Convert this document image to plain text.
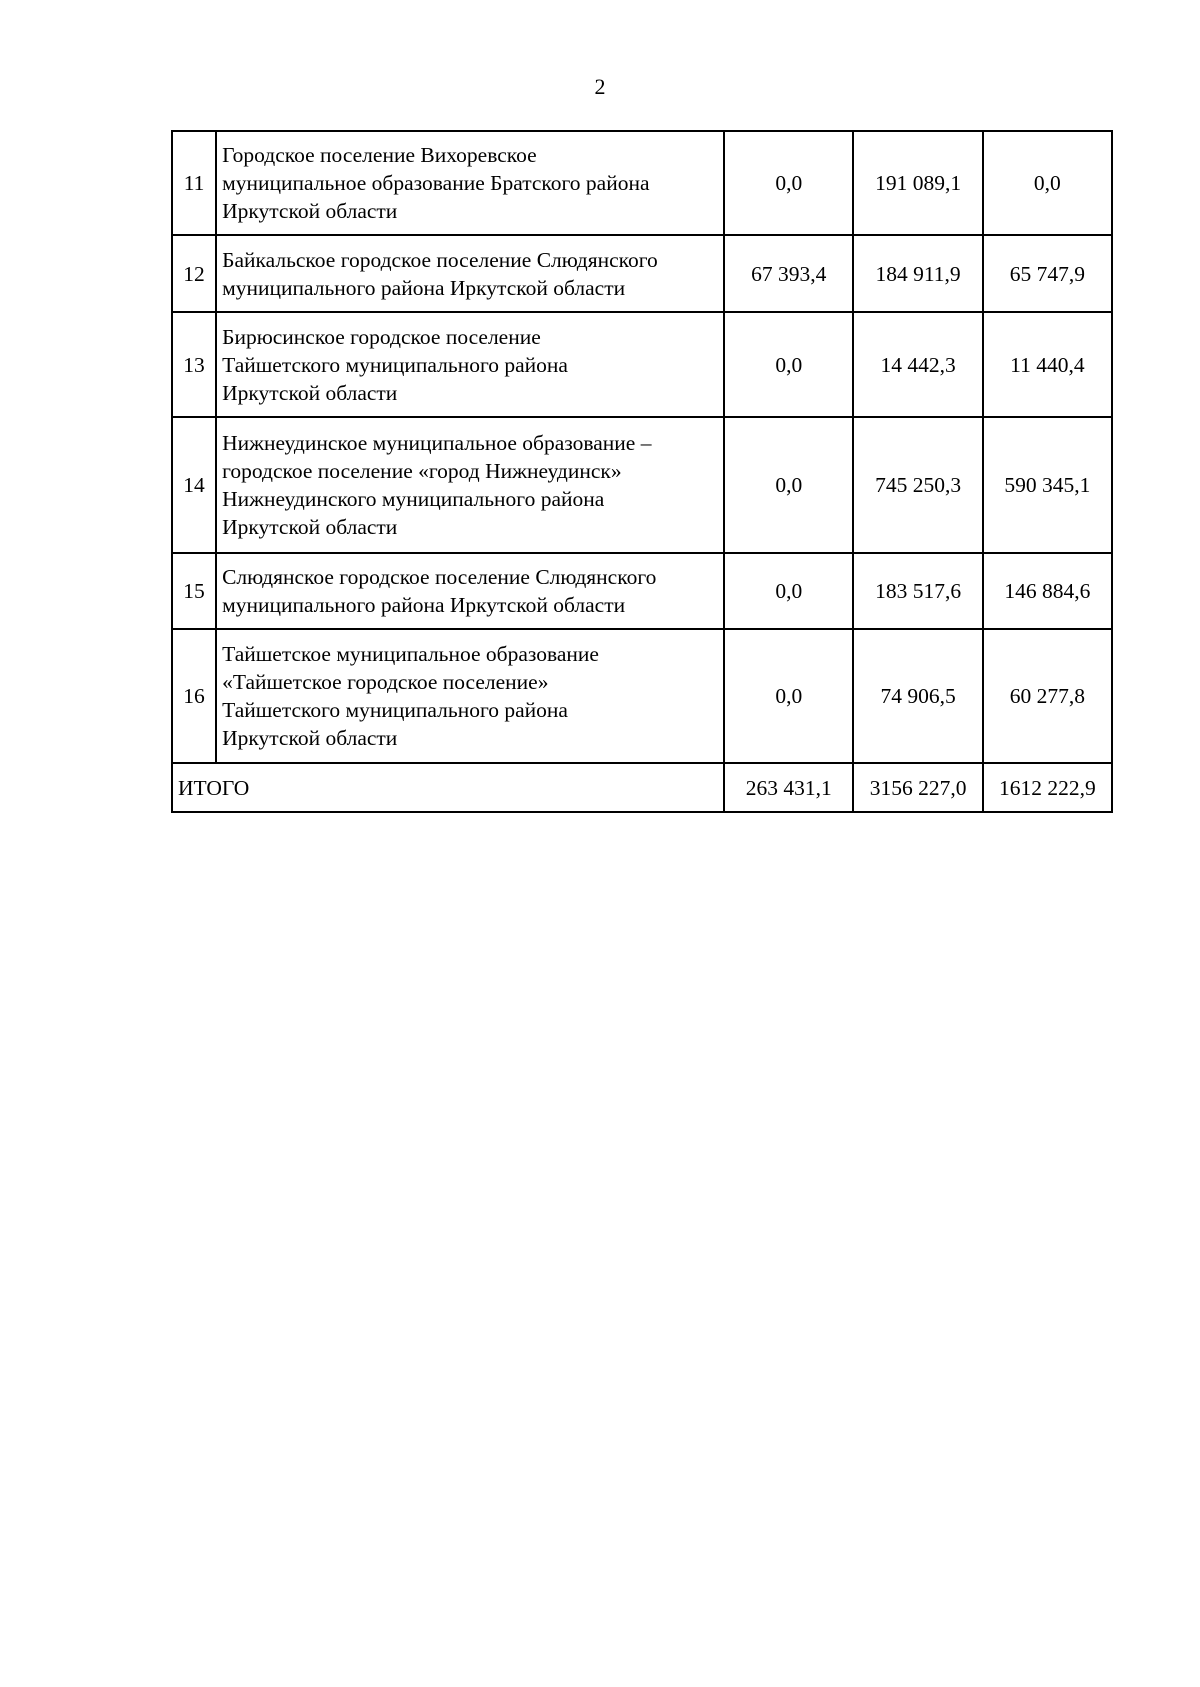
2
11	Городское поселение Вихоревское
муниципальное образование Братского района
Иркутской области	0,0	191 089,1	0,0
12	Байкальское городское поселение Слюдянского
муниципального района Иркутской области	67 393,4	184 911,9	65 747,9
13	Бирюсинское городское поселение
Тайшетского муниципального района
Иркутской области	0,0	14 442,3	11 440,4
14	Нижнеудинское муниципальное образование –
городское поселение «город Нижнеудинск»
Нижнеудинского муниципального района
Иркутской области	0,0	745 250,3	590 345,1
15	Слюдянское городское поселение Слюдянского
муниципального района Иркутской области	0,0	183 517,6	146 884,6
16	Тайшетское муниципальное образование
«Тайшетское городское поселение»
Тайшетского муниципального района
Иркутской области	0,0	74 906,5	60 277,8
ИТОГО		263 431,1	3156 227,0	1612 222,9
